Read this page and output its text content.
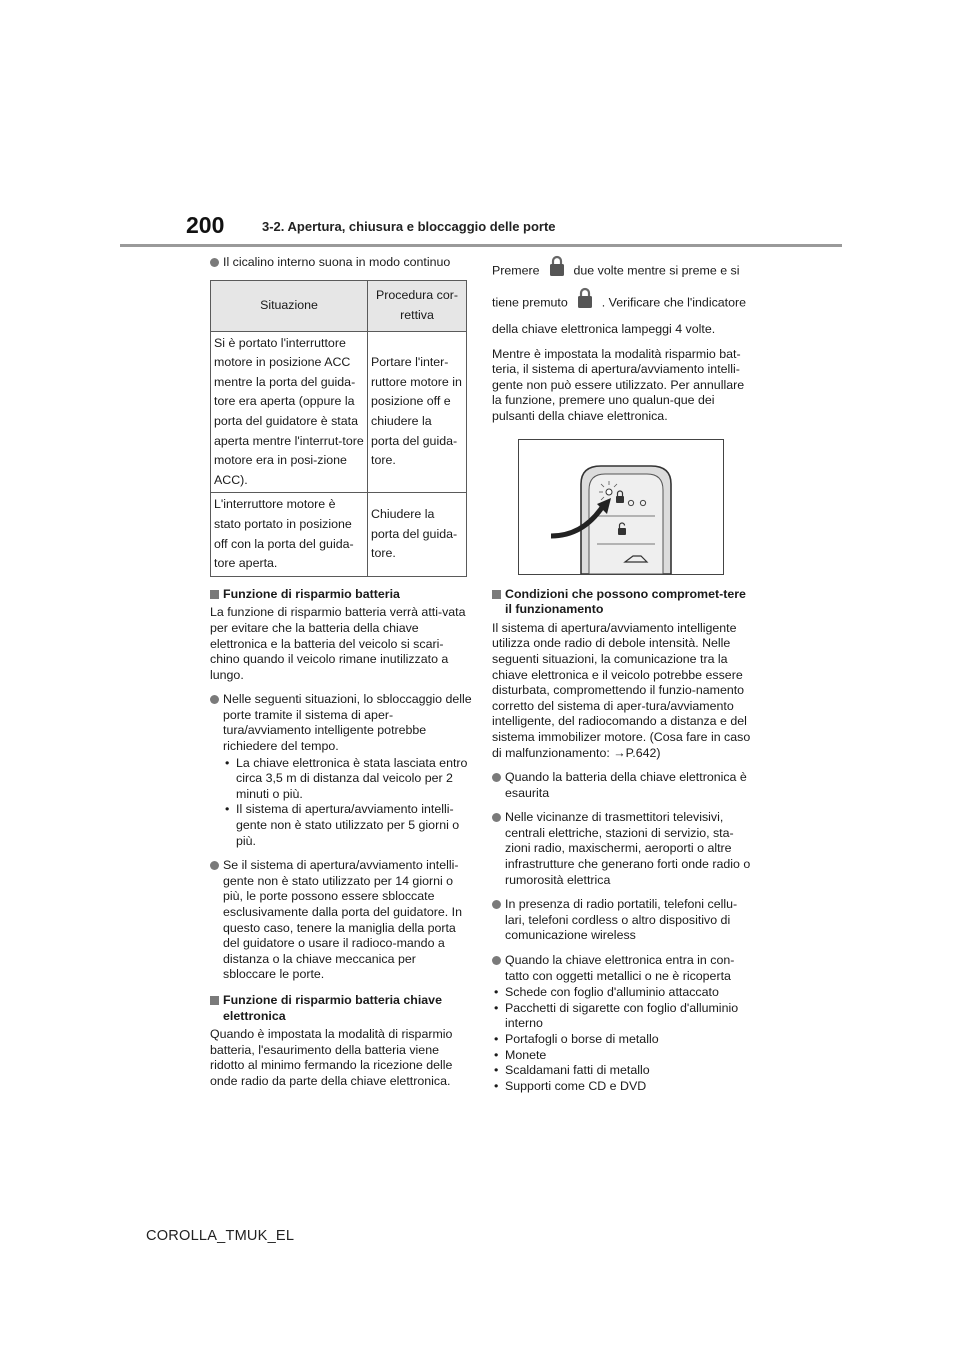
200	3-2. Apertura, chiusura e bloccaggio delle porte
Il cicalino interno suona in modo continuo
Situazione	Procedura cor-rettiva
Si è portato l'interruttore motore in posizione ACC mentre la porta del guida-tore era aperta (oppure la porta del guidatore è stata aperta mentre l'interrut-tore motore era in posi-zione ACC).	Portare l'inter-ruttore motore in posizione off e chiudere la porta del guida-tore.
L'interruttore motore è stato portato in posizione off con la porta del guida-tore aperta.	Chiudere la porta del guida-tore.
Funzione di risparmio batteria
La funzione di risparmio batteria verrà atti-vata per evitare che la batteria della chiave elettronica e la batteria del veicolo si scari-chino quando il veicolo rimane inutilizzato a lungo.
Nelle seguenti situazioni, lo sbloccaggio delle porte tramite il sistema di aper-tura/avviamento intelligente potrebbe richiedere del tempo.
• La chiave elettronica è stata lasciata entro circa 3,5 m di distanza dal veicolo per 2 minuti o più.
• Il sistema di apertura/avviamento intelli-gente non è stato utilizzato per 5 giorni o più.
Se il sistema di apertura/avviamento intelli-gente non è stato utilizzato per 14 giorni o più, le porte possono essere sbloccate esclusivamente dalla porta del guidatore. In questo caso, tenere la maniglia della porta del guidatore o usare il radioco-mando a distanza o la chiave meccanica per sbloccare le porte.
Funzione di risparmio batteria chiave elettronica
Quando è impostata la modalità di risparmio batteria, l'esaurimento della batteria viene ridotto al minimo fermando la ricezione delle onde radio da parte della chiave elettronica.
Premere	due volte mentre si preme e si
tiene premuto	. Verificare che l'indicatore
della chiave elettronica lampeggi 4 volte.
Mentre è impostata la modalità risparmio bat-teria, il sistema di apertura/avviamento intelli-gente non può essere utilizzato. Per annullare la funzione, premere uno qualun-que dei pulsanti della chiave elettronica.
Condizioni che possono compromet-tere il funzionamento
Il sistema di apertura/avviamento intelligente utilizza onde radio di debole intensità. Nelle seguenti situazioni, la comunicazione tra la chiave elettronica e il veicolo potrebbe essere disturbata, compromettendo il funzio-namento corretto del sistema di aper-tura/avviamento intelligente, del radiocomando a distanza e del sistema immobilizer motore. (Cosa fare in caso di malfunzionamento: →P.642)
Quando la batteria della chiave elettronica è esaurita
Nelle vicinanze di trasmettitori televisivi, centrali elettriche, stazioni di servizio, sta-zioni radio, maxischermi, aeroporti o altre infrastrutture che generano forti onde radio o rumorosità elettrica
In presenza di radio portatili, telefoni cellu-lari, telefoni cordless o altro dispositivo di comunicazione wireless
Quando la chiave elettronica entra in con-tatto con oggetti metallici o ne è ricoperta
• Schede con foglio d'alluminio attaccato
• Pacchetti di sigarette con foglio d'alluminio interno
• Portafogli o borse di metallo
• Monete
• Scaldamani fatti di metallo
• Supporti come CD e DVD
COROLLA_TMUK_EL
